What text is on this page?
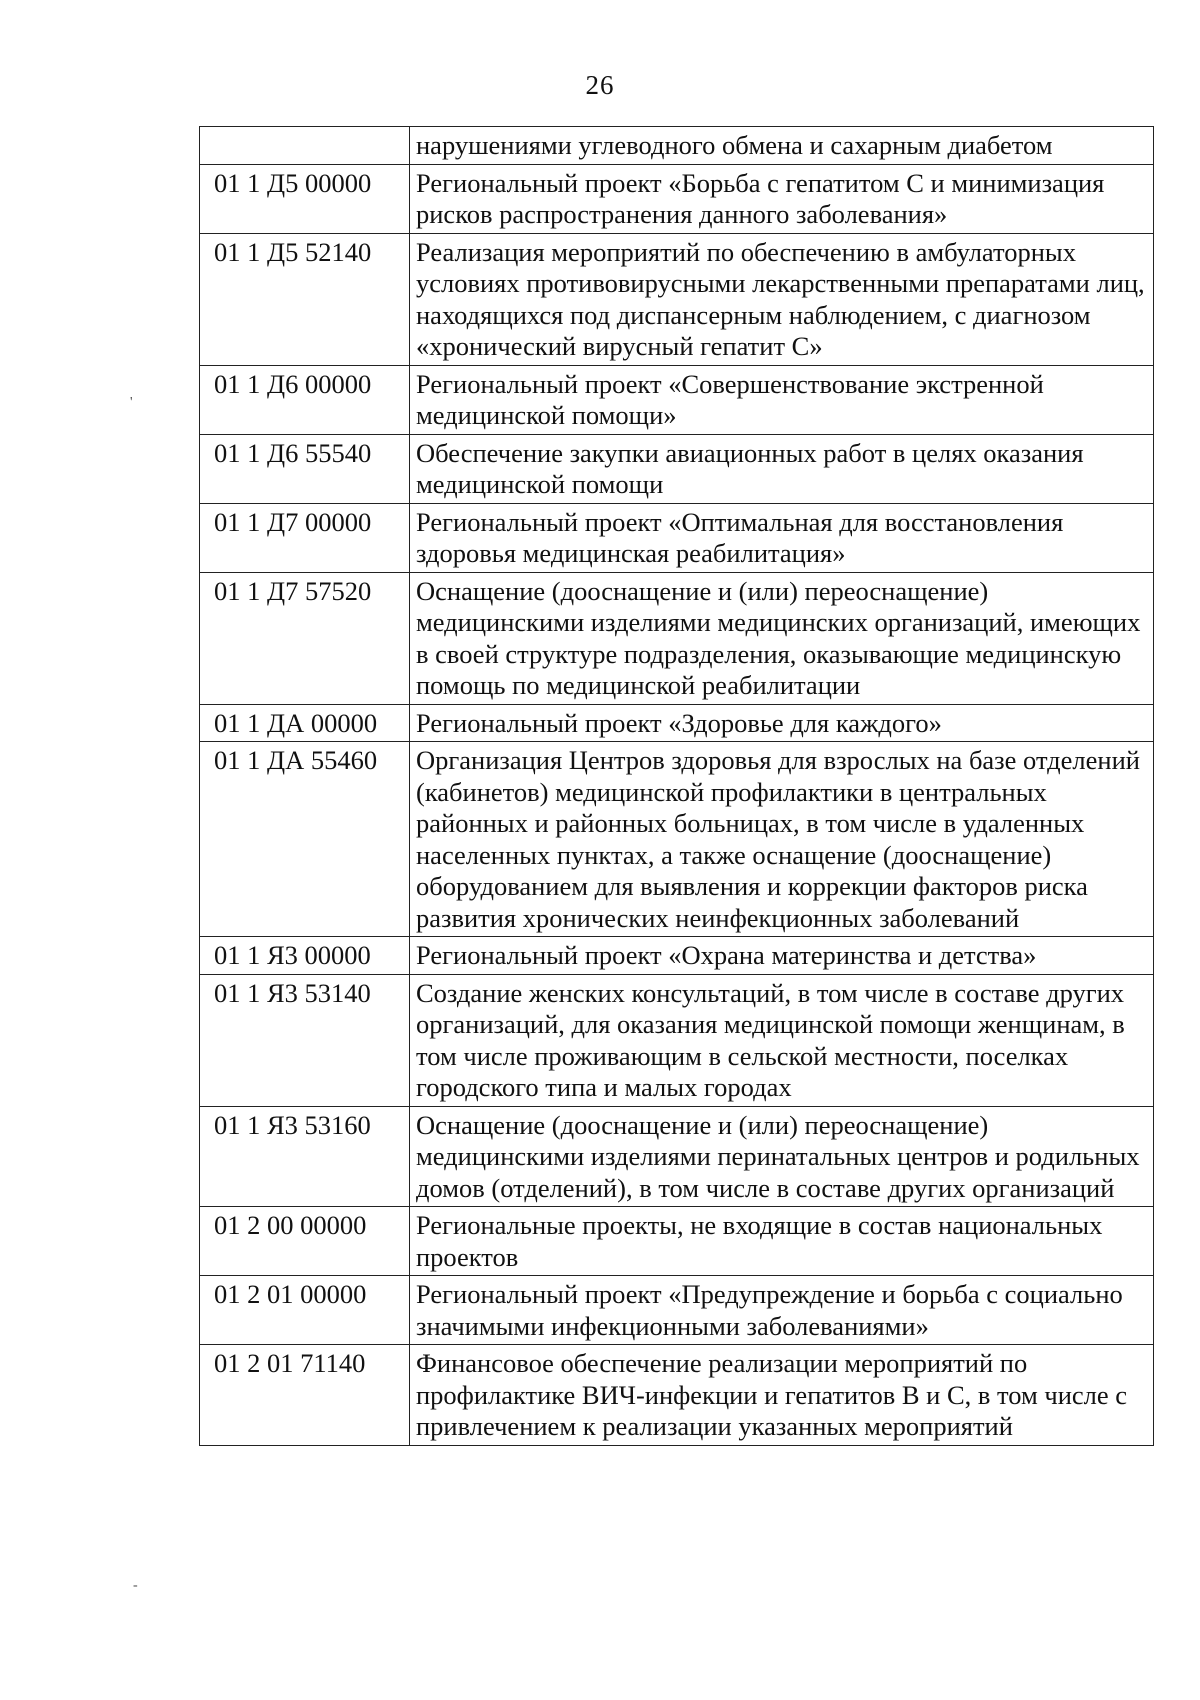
26
	нарушениями углеводного обмена и сахарным диабетом
01 1 Д5 00000	Региональный проект «Борьба с гепатитом С и минимизация рисков распространения данного заболевания»
01 1 Д5 52140	Реализация мероприятий по обеспечению в амбулаторных условиях противовирусными лекарственными препаратами лиц, находящихся под диспансерным наблюдением, с диагнозом «хронический вирусный гепатит С»
01 1 Д6 00000	Региональный проект «Совершенствование экстренной медицинской помощи»
01 1 Д6 55540	Обеспечение закупки авиационных работ в целях оказания медицинской помощи
01 1 Д7 00000	Региональный проект «Оптимальная для восстановления здоровья медицинская реабилитация»
01 1 Д7 57520	Оснащение (дооснащение и (или) переоснащение) медицинскими изделиями медицинских организаций, имеющих в своей структуре подразделения, оказывающие медицинскую помощь по медицинской реабилитации
01 1 ДА 00000	Региональный проект «Здоровье для каждого»
01 1 ДА 55460	Организация Центров здоровья для взрослых на базе отделений (кабинетов) медицинской профилактики в центральных районных и районных больницах, в том числе в удаленных населенных пунктах, а также оснащение (дооснащение) оборудованием для выявления и коррекции факторов риска развития хронических неинфекционных заболеваний
01 1 Я3 00000	Региональный проект «Охрана материнства и детства»
01 1 Я3 53140	Создание женских консультаций, в том числе в составе других организаций, для оказания медицинской помощи женщинам, в том числе проживающим в сельской местности, поселках городского типа и малых городах
01 1 Я3 53160	Оснащение (дооснащение и (или) переоснащение) медицинскими изделиями перинатальных центров и родильных домов (отделений), в том числе в составе других организаций
01 2 00 00000	Региональные проекты, не входящие в состав национальных проектов
01 2 01 00000	Региональный проект «Предупреждение и борьба с социально значимыми инфекционными заболеваниями»
01 2 01 71140	Финансовое обеспечение реализации мероприятий по профилактике ВИЧ-инфекции и гепатитов В и С, в том числе с привлечением к реализации указанных мероприятий
'
-
